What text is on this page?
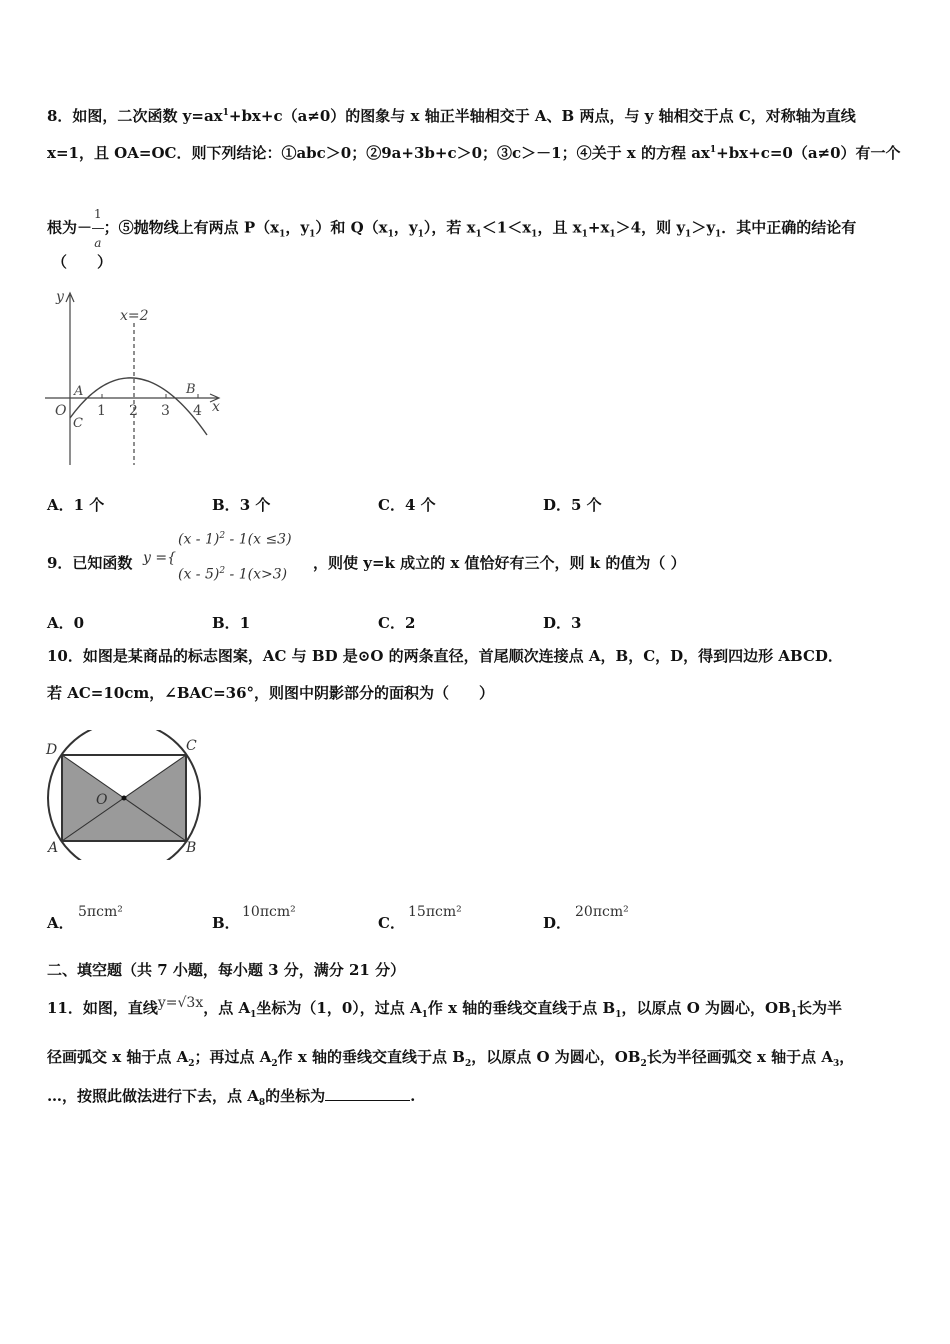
8．如图，二次函数 $y=ax^1+bx+c(a\ne 0)$的图象与 x 轴正半轴相交于 A、B 两点，与 y 轴相交于点 C，对称轴为直线
x=1，且 OA=OC．则下列结论：①abc＞0；②9a+3b+c＞0；③c＞－1；④关于 x 的方程 $ax^1+bx+c=0(a\ne 0)$有一个
根为－ $\frac{1}{a}$ ；⑤抛物线上有两点 $P(x_1$，$y_1$）和 $Q(x_1$，$y_1$），若 $x_1<1<x_1$，且 $x_1+x_1>4$，则 $y_1>y_1$．其中正确的结论有
（　　）
y
x
x=2
O
A	B
C
1 2 3 4
A．1 个	B．3 个	C．4 个	D．5 个
9．已知函数 y ={
(x - 1)$^2$ - 1(x ≤3)
(x - 5)$^2$ - 1(x>3)
，则使 y=k 成立的 x 值恰好有三个，则 k 的值为（ ）
A．0	B．1	C．2	D．3
10．如图是某商品的标志图案，AC 与 BD 是⊙O 的两条直径，首尾顺次连接点 A，B，C，D，得到四边形 ABCD．
若 AC=10cm，∠BAC=36°，则图中阴影部分的面积为（　　）
D	C
O
A	B
A．
5πcm²
B．
10πcm²
C．
15πcm²
D．
20πcm²
二、填空题（共 7 小题，每小题 3 分，满分 21 分）
11．如图，直线y=√3x，点 $A_1$坐标为（1，0），过点 $A_1$作 x 轴的垂线交直线于点 $B_1$，以原点 O 为圆心，$OB_1$长为半
径画弧交 x 轴于点 $A_2$；再过点 $A_2$作 x 轴的垂线交直线于点 $B_2$，以原点 O 为圆心，$OB_2$长为半径画弧交 x 轴于点 $A_3$，
…，按照此做法进行下去，点 $A_8$的坐标为	.
